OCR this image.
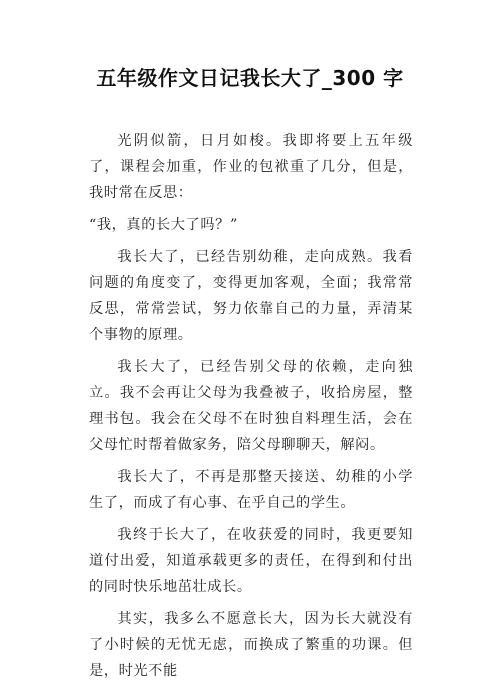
五年级作文日记我长大了_300 字

光阴似箭，日月如梭。我即将要上五年级了，课程会加重，作业的包袱重了几分，但是，我时常在反思：

“我，真的长大了吗？”

我长大了，已经告别幼稚，走向成熟。我看问题的角度变了，变得更加客观，全面；我常常反思，常常尝试，努力依靠自己的力量，弄清某个事物的原理。

我长大了，已经告别父母的依赖，走向独立。我不会再让父母为我叠被子，收拾房屋，整理书包。我会在父母不在时独自料理生活，会在父母忙时帮着做家务，陪父母聊聊天，解闷。

我长大了，不再是那整天接送、幼稚的小学生了，而成了有心事、在乎自己的学生。

我终于长大了，在收获爱的同时，我更要知道付出爱，知道承载更多的责任，在得到和付出的同时快乐地茁壮成长。

其实，我多么不愿意长大，因为长大就没有了小时候的无忧无虑，而换成了繁重的功课。但是，时光不能
